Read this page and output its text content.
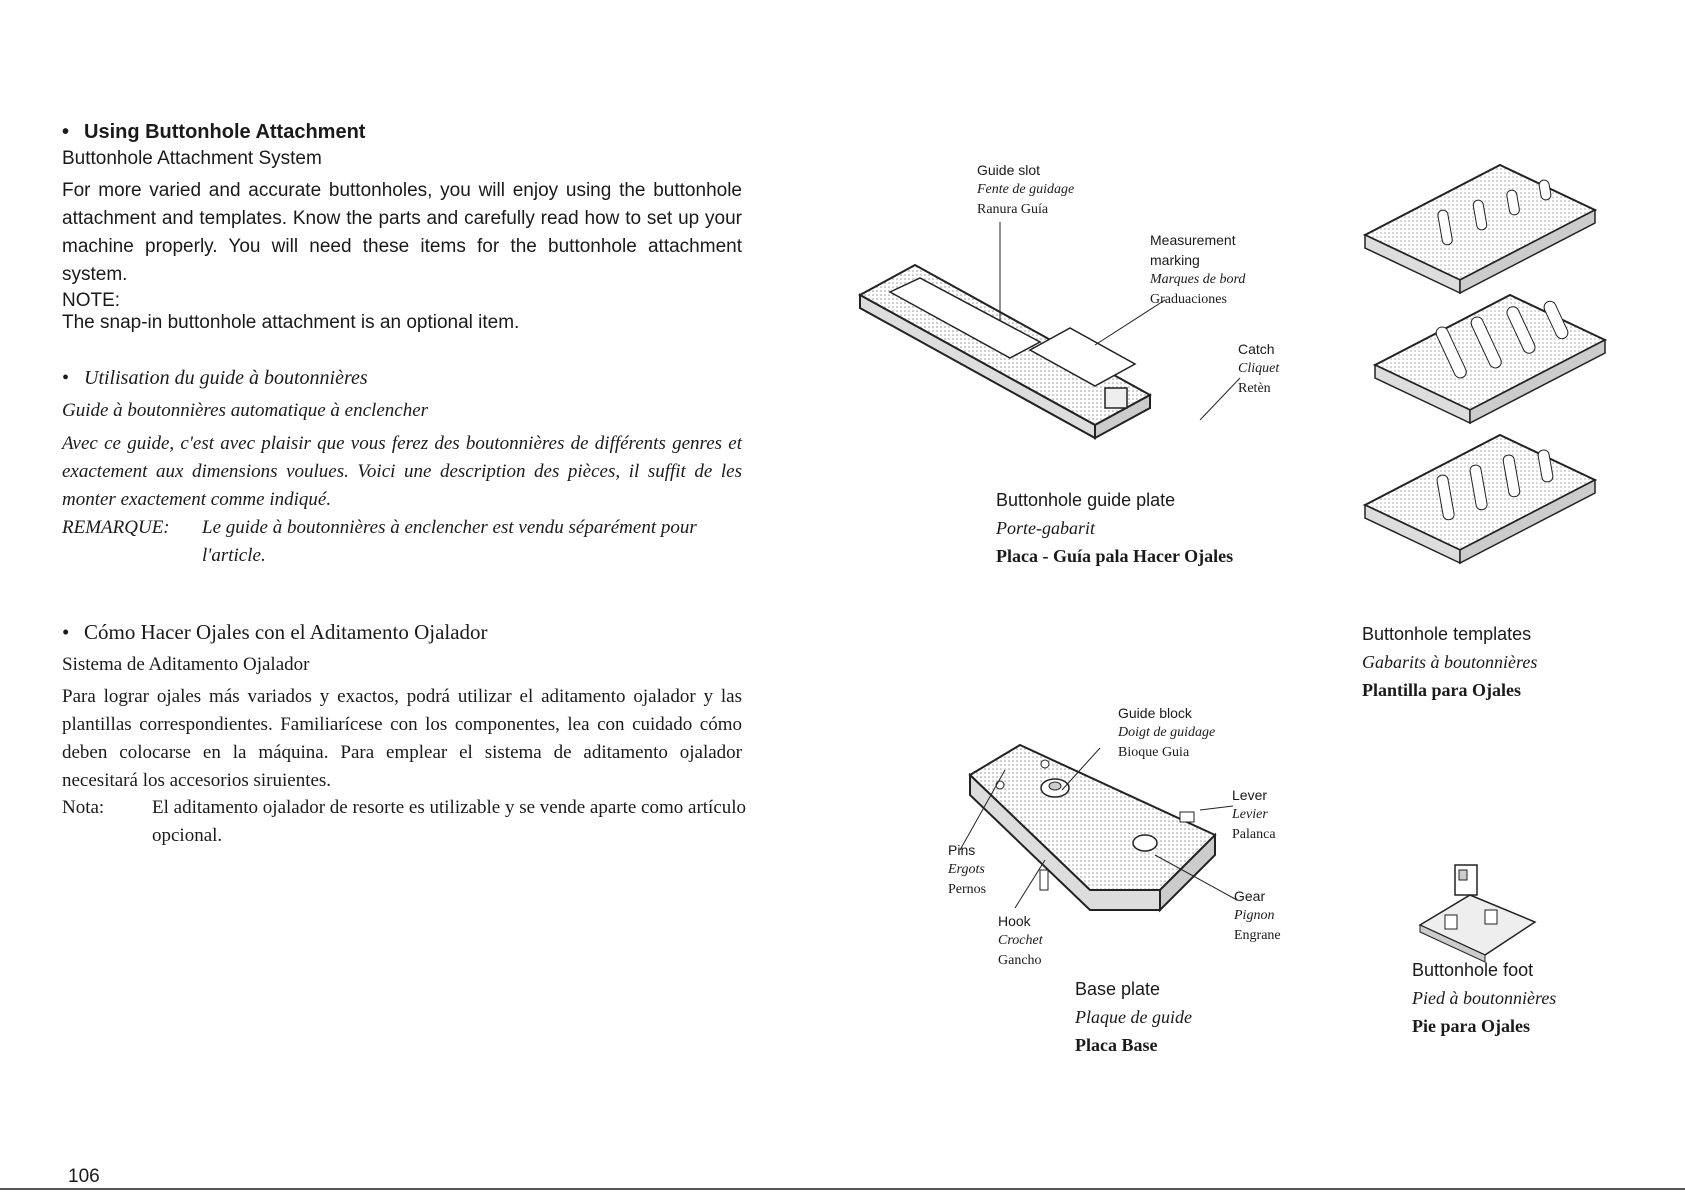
• Using Buttonhole Attachment
Buttonhole Attachment System
For more varied and accurate buttonholes, you will enjoy using the buttonhole attachment and templates. Know the parts and carefully read how to set up your machine properly. You will need these items for the buttonhole attachment system.
NOTE:The snap-in buttonhole attachment is an optional item.
• Utilisation du guide à boutonnières
Guide à boutonnières automatique à enclencher
Avec ce guide, c'est avec plaisir que vous ferez des boutonnières de différents genres et exactement aux dimensions voulues. Voici une description des pièces, il suffit de les monter exactement comme indiqué.
REMARQUE: Le guide à boutonnières à enclencher est vendu séparément pour l'article.
• Cómo Hacer Ojales con el Aditamento Ojalador
Sistema de Aditamento Ojalador
Para lograr ojales más variados y exactos, podrá utilizar el aditamento ojalador y las plantillas correspondientes. Familiarícese con los componentes, lea con cuidado cómo deben colocarse en la máquina. Para emplear el sistema de aditamento ojalador necesitará los accesorios siruientes.
Nota:	El aditamento ojalador de resorte es utilizable y se vende aparte como artículo opcional.
Guide slot
Fente de guidage
Ranura Guía
Measurement marking
Marques de bord
Graduaciones
Catch
Cliquet
Retèn
Buttonhole guide plate
Porte-gabarit
Placa - Guía pala Hacer Ojales
Buttonhole templates
Gabarits à boutonnières
Plantilla para Ojales
Guide block
Doigt de guidage
Bioque Guia
Lever
Levier
Palanca
Pins
Ergots
Pernos	Gear
Pignon
Engrane
Hook
Crochet
Gancho
Base plate
Plaque de guide
Placa Base
Buttonhole foot
Pied à boutonnières
Pie para Ojales
106
